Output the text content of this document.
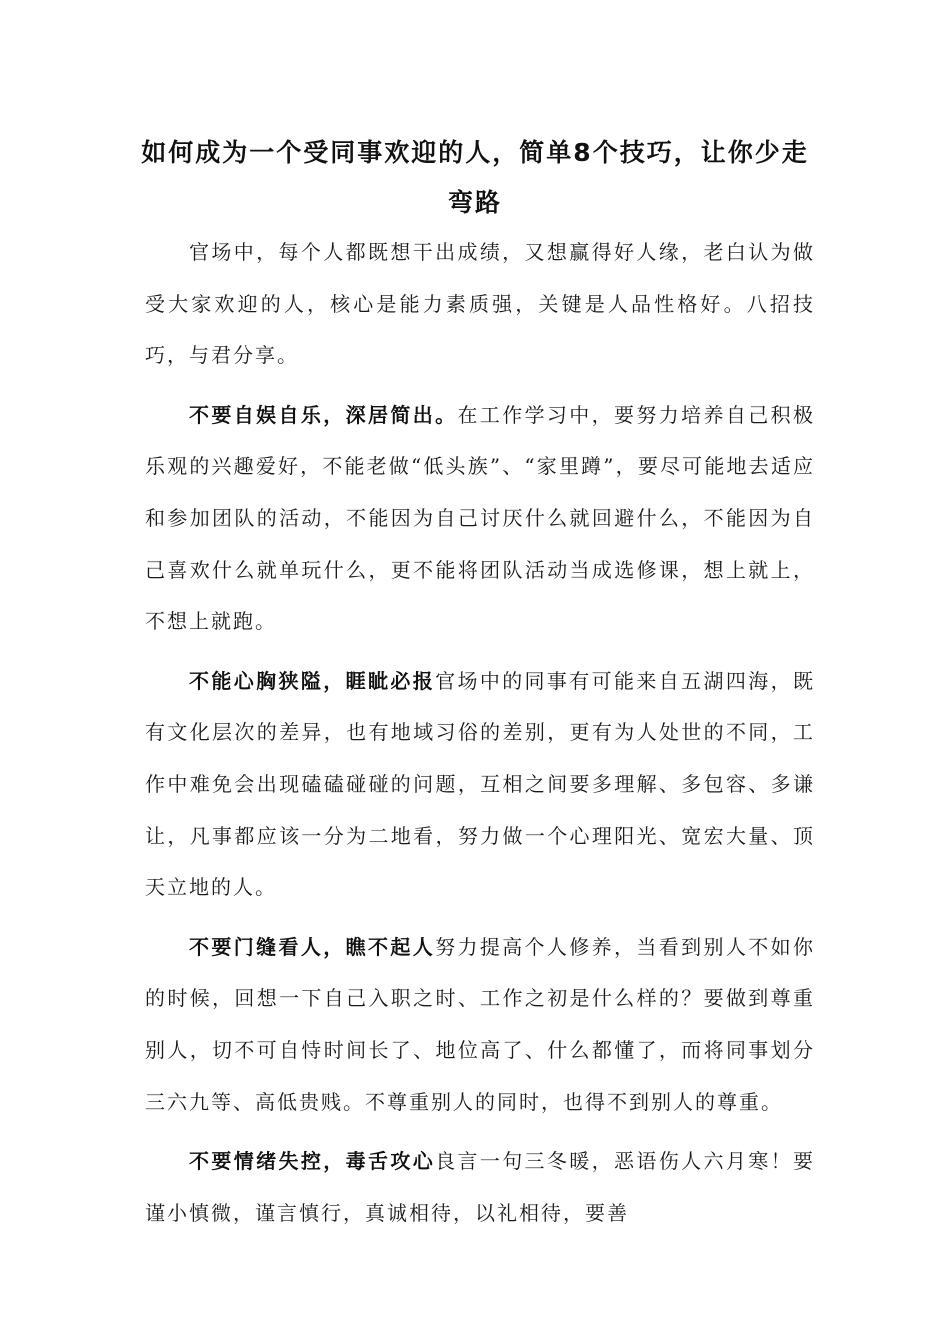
如何成为一个受同事欢迎的人，简单8个技巧，让你少走弯路

官场中，每个人都既想干出成绩，又想赢得好人缘，老白认为做受大家欢迎的人，核心是能力素质强，关键是人品性格好。八招技巧，与君分享。

不要自娱自乐，深居简出。在工作学习中，要努力培养自己积极乐观的兴趣爱好，不能老做“低头族”、“家里蹲”，要尽可能地去适应和参加团队的活动，不能因为自己讨厌什么就回避什么，不能因为自己喜欢什么就单玩什么，更不能将团队活动当成选修课，想上就上，不想上就跑。

不能心胸狭隘，睚眦必报官场中的同事有可能来自五湖四海，既有文化层次的差异，也有地域习俗的差别，更有为人处世的不同，工作中难免会出现磕磕碰碰的问题，互相之间要多理解、多包容、多谦让，凡事都应该一分为二地看，努力做一个心理阳光、宽宏大量、顶天立地的人。

不要门缝看人，瞧不起人努力提高个人修养，当看到别人不如你的时候，回想一下自己入职之时、工作之初是什么样的？要做到尊重别人，切不可自恃时间长了、地位高了、什么都懂了，而将同事划分三六九等、高低贵贱。不尊重别人的同时，也得不到别人的尊重。

不要情绪失控，毒舌攻心良言一句三冬暖，恶语伤人六月寒！要谨小慎微，谨言慎行，真诚相待，以礼相待，要善
